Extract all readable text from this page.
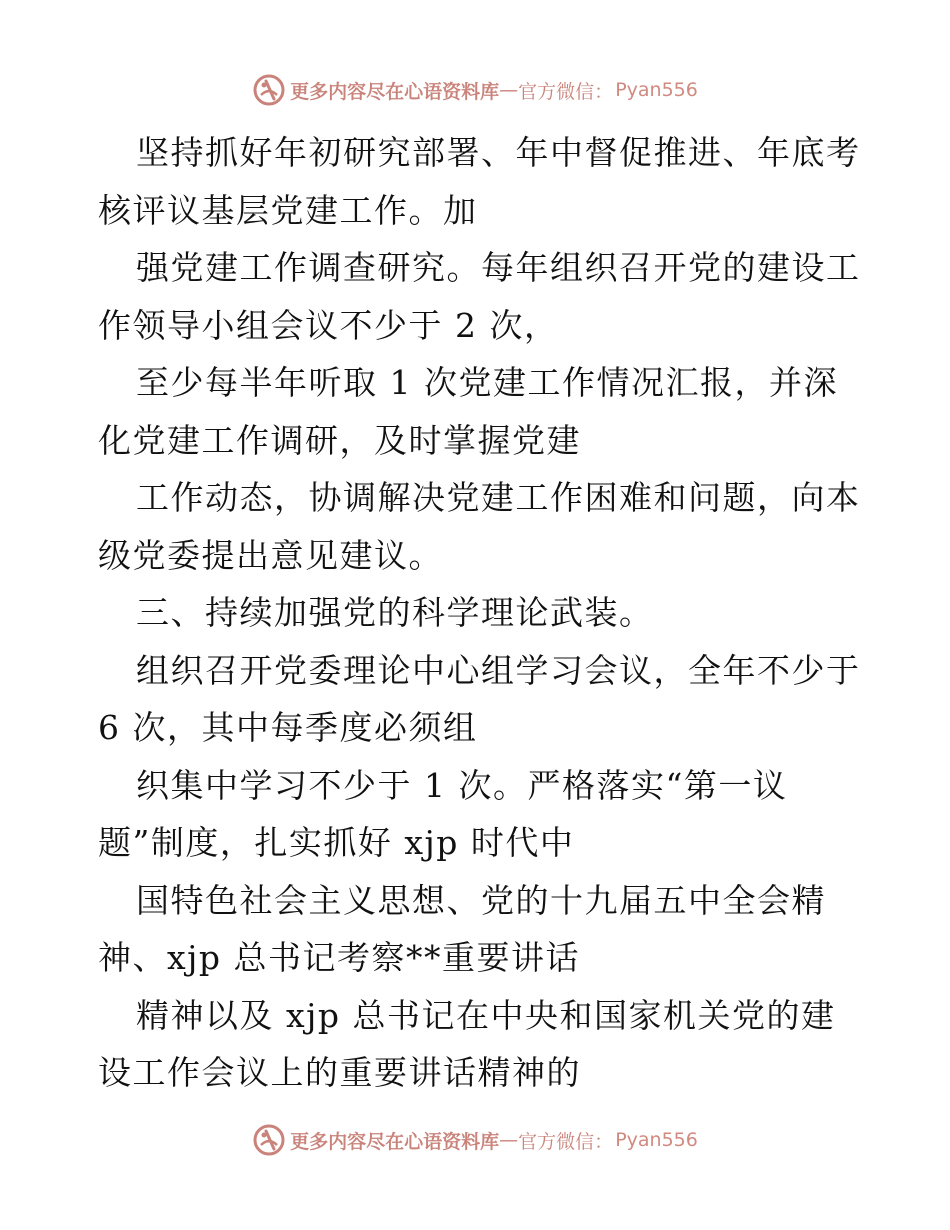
更多内容尽在心语资料库 — 官方微信： Pyan556
坚持抓好年初研究部署、年中督促推进、年底考
核评议基层党建工作。加
强党建工作调查研究。每年组织召开党的建设工
作领导小组会议不少于 2 次，
至少每半年听取 1 次党建工作情况汇报，并深
化党建工作调研，及时掌握党建
工作动态，协调解决党建工作困难和问题，向本
级党委提出意见建议。
三、持续加强党的科学理论武装。
组织召开党委理论中心组学习会议，全年不少于
6 次，其中每季度必须组
织集中学习不少于 1 次。严格落实“第一议
题”制度，扎实抓好 xjp 时代中
国特色社会主义思想、党的十九届五中全会精
神、xjp 总书记考察**重要讲话
精神以及 xjp 总书记在中央和国家机关党的建
设工作会议上的重要讲话精神的
更多内容尽在心语资料库 — 官方微信： Pyan556
